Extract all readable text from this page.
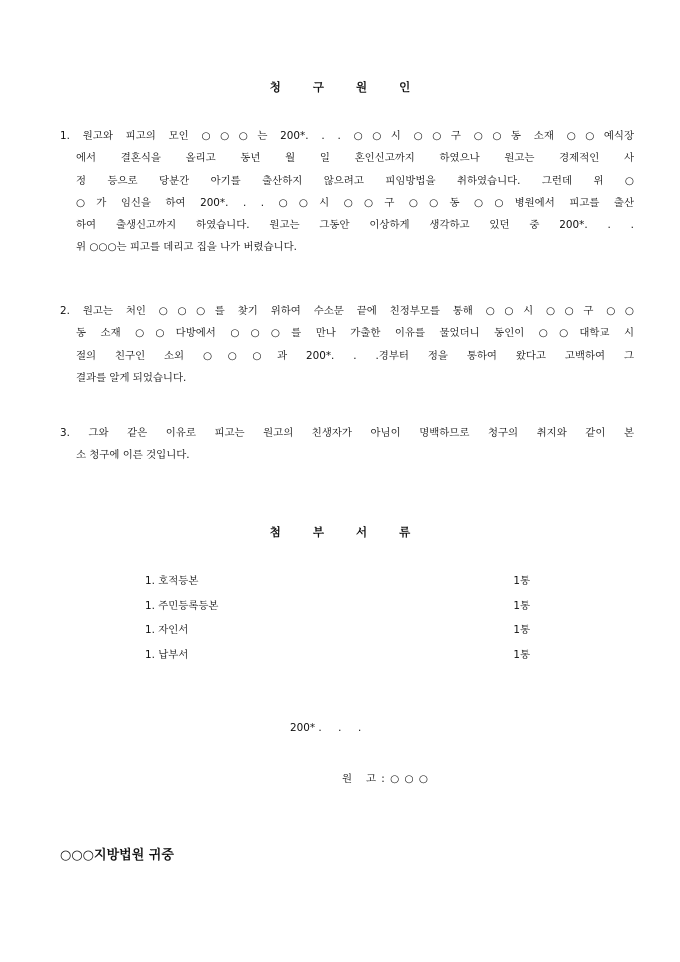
청 구 원 인
1. 원고와 피고의 모인 ○○○는 200*. . . ○○시 ○○구 ○○동 소재 ○○예식장
에서 결혼식을 올리고 동년 월 일 혼인신고까지 하였으나 원고는 경제적인 사
정 등으로 당분간 아기를 출산하지 않으려고 피임방법을 취하였습니다. 그런데 위 ○
○가 임신을 하여 200*. . . ○○시 ○○구 ○○동 ○○병원에서 피고를 출산
하여 출생신고까지 하였습니다. 원고는 그동안 이상하게 생각하고 있던 중 200*. . .
위 ○○○는 피고를 데리고 집을 나가 버렸습니다.
2. 원고는 처인 ○○○를 찾기 위하여 수소문 끝에 친정부모를 통해 ○○시 ○○구 ○○
동 소재 ○○다방에서 ○○○를 만나 가출한 이유를 물었더니 동인이 ○○대학교 시
절의 친구인 소외 ○○○과 200*. . .경부터 정을 통하여 왔다고 고백하여 그
결과를 알게 되었습니다.
3. 그와 같은 이유로 피고는 원고의 친생자가 아님이 명백하므로 청구의 취지와 같이 본
소 청구에 이른 것입니다.
첨 부 서 류
1. 호적등본	1통
1. 주민등록등본	1통
1. 자인서	1통
1. 납부서	1통
200* .     .     .
원   고 : ○ ○ ○
○○○지방법원 귀중
